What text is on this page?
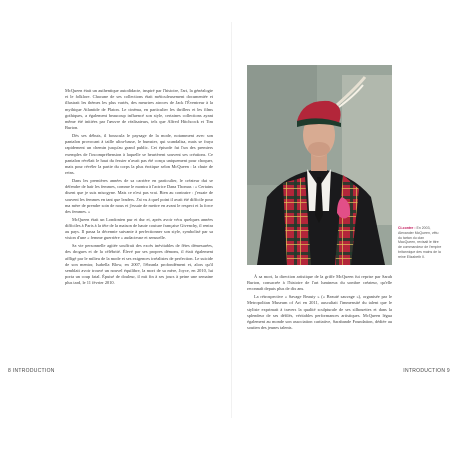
McQueen était un authentique autodidacte, inspiré par l'histoire, l'art, la généalogie et le folklore. Chacune de ses collections était méticuleusement documentée et illustrait les thèmes les plus variés, des meurtres atroces de Jack l'Éventreur à la mythique Atlantide de Platon. Le cinéma, en particulier les thrillers et les films gothiques, a également beaucoup influencé son style, certaines collections ayant même été initiées par l'œuvre de réalisateurs, tels que Alfred Hitchcock et Tim Burton.

Dès ses débuts, il bouscula le paysage de la mode, notamment avec son pantalon provocant à taille ultra-basse, le bumster, qui scandalisa, mais se fraya rapidement un chemin jusqu'au grand public. Cet épisode fut l'un des premiers exemples de l'incompréhension à laquelle se heurtèrent souvent ses créations. Ce pantalon révélait le haut du fessier n'avait pas été conçu uniquement pour choquer, mais pour révéler la partie du corps la plus érotique selon McQueen : la chute de reins.

Dans les premières années de sa carrière en particulier, le créateur dut se défendre de haïr les femmes, comme le montra à l'actrice Dana Thomas : « Certains disent que je suis misogyne. Mais ce n'est pas vrai. Bien au contraire : j'essaie de souvent les femmes en tant que leaders. J'ai vu à quel point il avait été difficile pour ma mère de prendre soin de nous et j'essaie de mettre en avant le respect et la force des femmes. »

McQueen était un Londonien pur et dur et, après avoir vécu quelques années difficiles à Paris à la tête de la maison de haute couture française Givenchy, il rentra au pays. Il passa la décennie suivante à perfectionner son style, symbolisé par sa vision d'une « femme guerrière » audacieuse et sensuelle.

Sa vie personnelle agitée souffrait des excès inévitables de fêtes démesurées, des drogues et de la célébrité. Élevé par ses propres démons, il était également affligé par le milieu de la mode et ses exigences irréalistes de perfection. Le suicide de son mentor, Isabella Blow, en 2007, l'ébranla profondément et, alors qu'il semblait avoir trouvé un nouvel équilibre, la mort de sa mère, Joyce, en 2010, lui porta un coup fatal. Épuisé de douleur, il mit fin à ses jours à peine une semaine plus tard, le 11 février 2010.

Ci-contre : En 2003, Alexander McQueen, vêtu du tartan du clan MacQueen, revisait le titre de commandeur de l'empire britannique des mains de la reine Elizabeth II.

À sa mort, la direction artistique de la griffe McQueen fut reprise par Sarah Burton, consacrée à l'histoire de l'art lumineux du sombre créateur, qu'elle reconnaît depuis plus de dix ans.

La rétrospective « Savage Beauty » (« Beauté sauvage »), organisée par le Metropolitan Museum of Art en 2011, auscultait l'immensité du talent que le styliste exprimait à travers la qualité sculpturale de ses silhouettes et dans la splendeur de ses défilés, véritables performances artistiques. McQueen légua également au monde son association caritative, Sarabande Foundation, dédiée au soutien des jeunes talents.

8 INTRODUCTION	INTRODUCTION 9
